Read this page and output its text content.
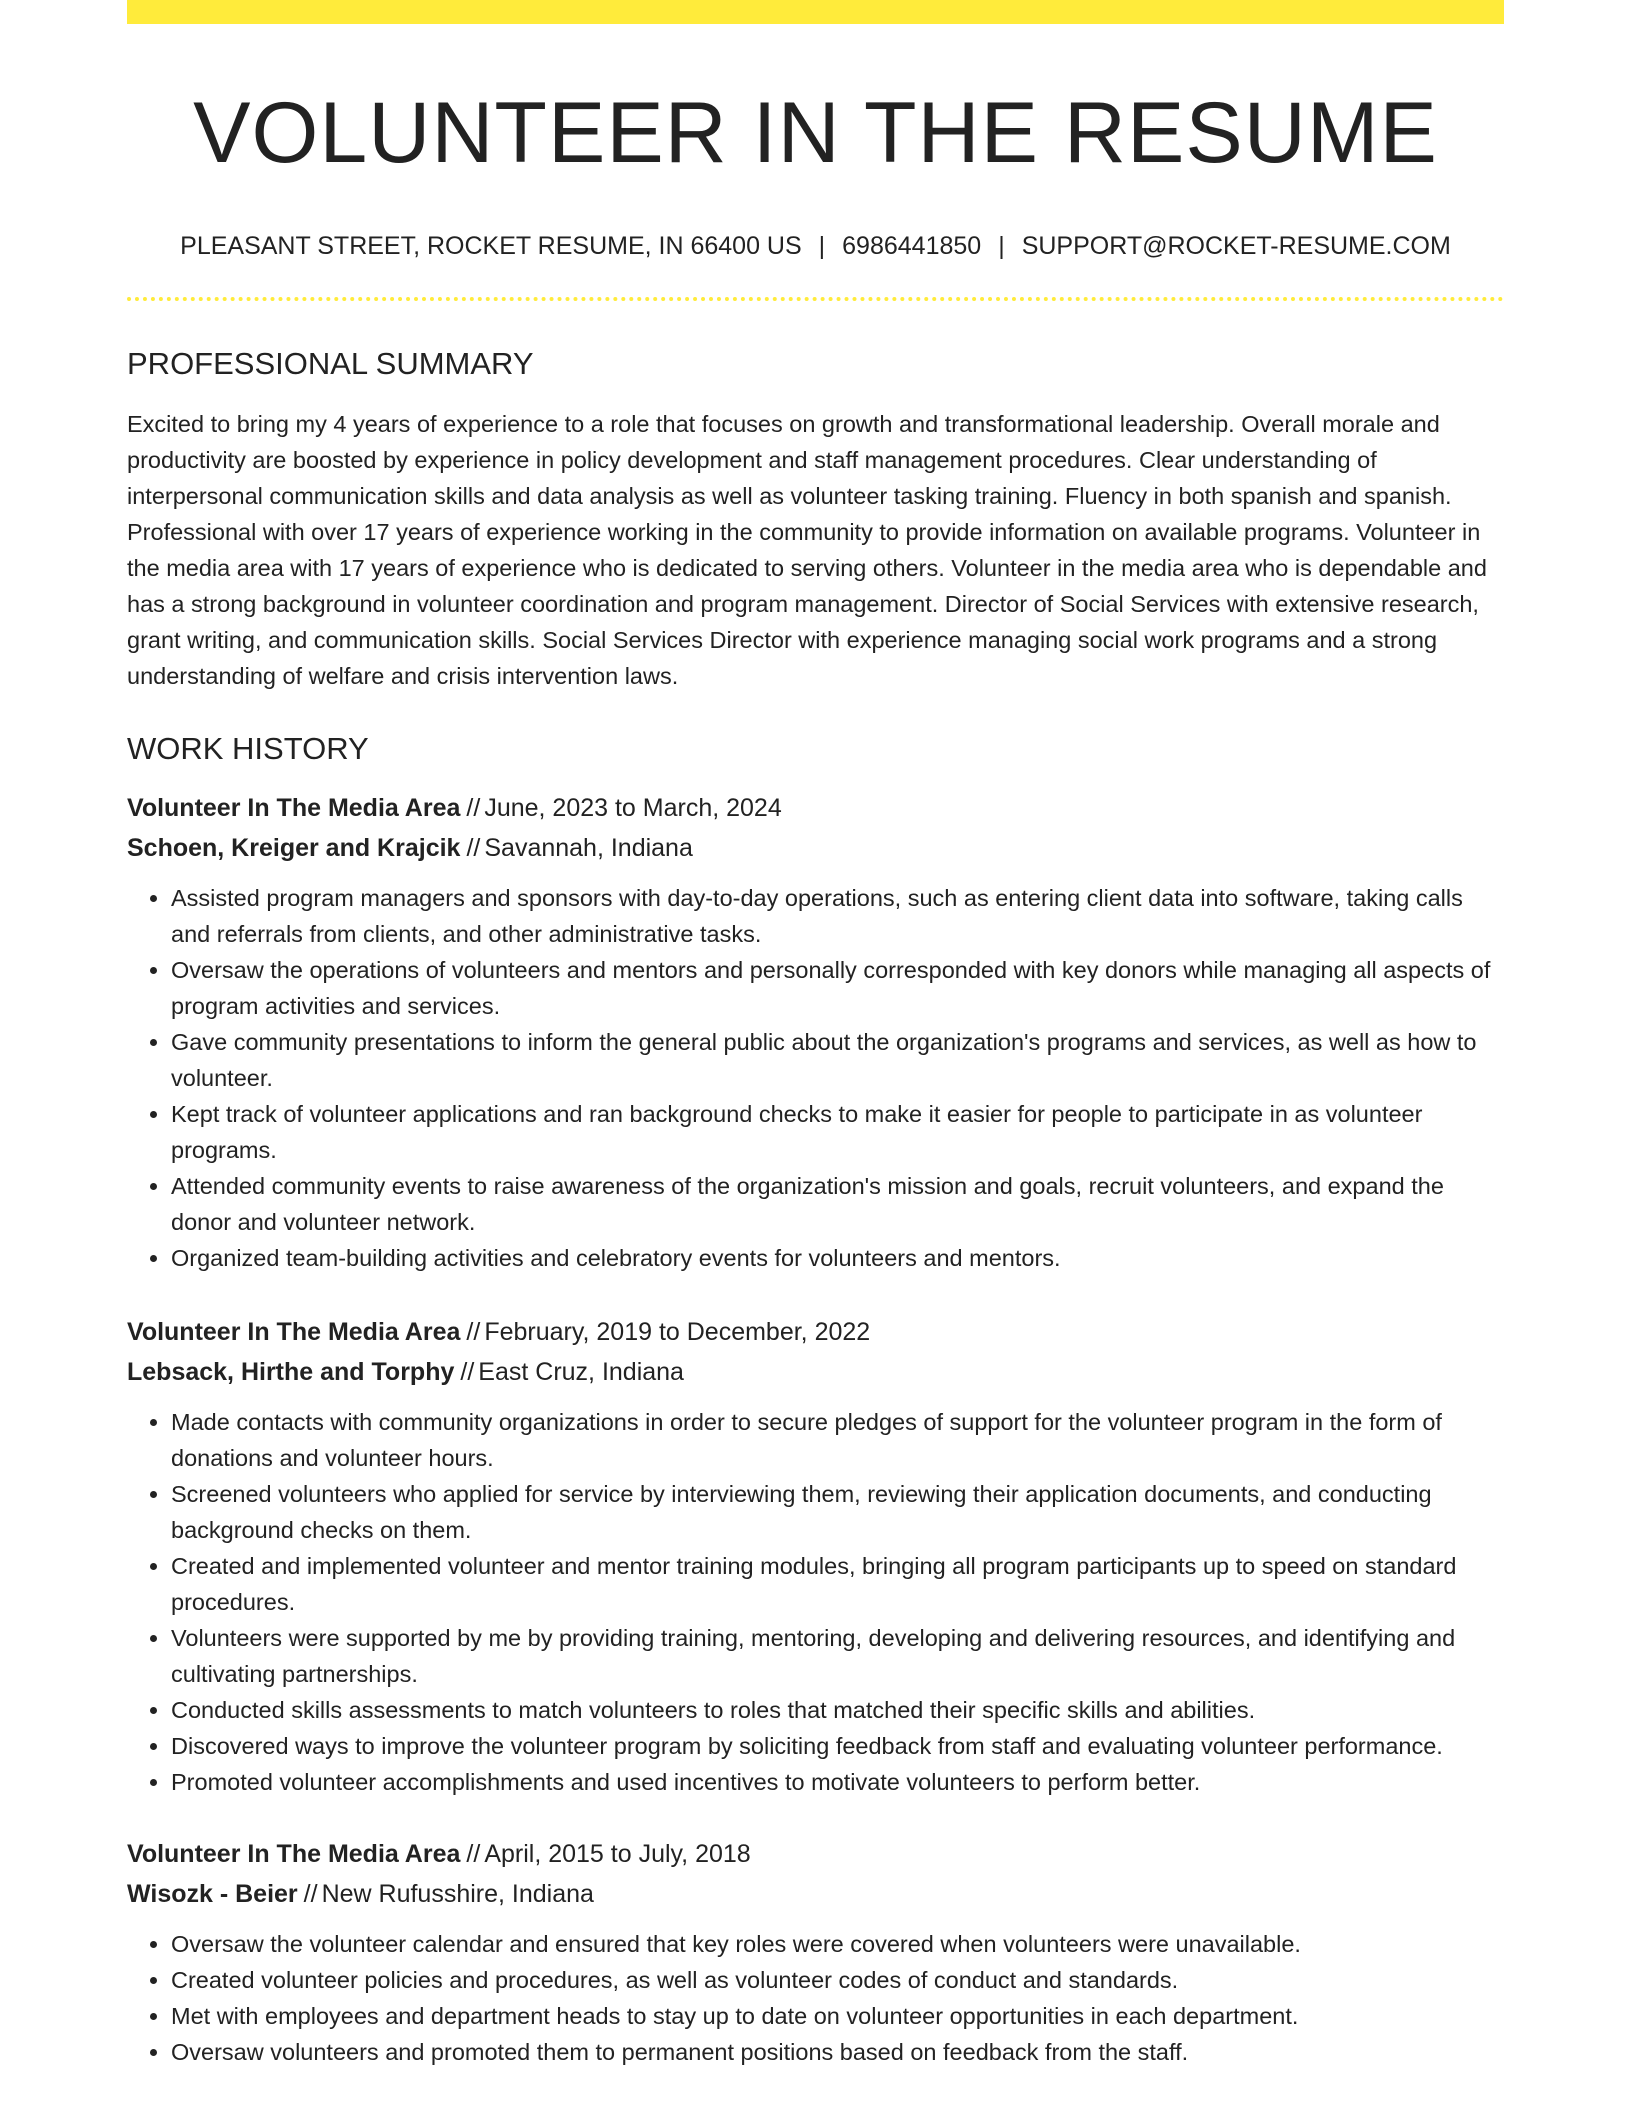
VOLUNTEER IN THE RESUME
PLEASANT STREET, ROCKET RESUME, IN 66400 US | 6986441850 | SUPPORT@ROCKET-RESUME.COM
PROFESSIONAL SUMMARY
Excited to bring my 4 years of experience to a role that focuses on growth and transformational leadership. Overall morale and productivity are boosted by experience in policy development and staff management procedures. Clear understanding of interpersonal communication skills and data analysis as well as volunteer tasking training. Fluency in both spanish and spanish. Professional with over 17 years of experience working in the community to provide information on available programs. Volunteer in the media area with 17 years of experience who is dedicated to serving others. Volunteer in the media area who is dependable and has a strong background in volunteer coordination and program management. Director of Social Services with extensive research, grant writing, and communication skills. Social Services Director with experience managing social work programs and a strong understanding of welfare and crisis intervention laws.
WORK HISTORY
Volunteer In The Media Area // June, 2023 to March, 2024
Schoen, Kreiger and Krajcik // Savannah, Indiana
• Assisted program managers and sponsors with day-to-day operations, such as entering client data into software, taking calls and referrals from clients, and other administrative tasks.
• Oversaw the operations of volunteers and mentors and personally corresponded with key donors while managing all aspects of program activities and services.
• Gave community presentations to inform the general public about the organization's programs and services, as well as how to volunteer.
• Kept track of volunteer applications and ran background checks to make it easier for people to participate in as volunteer programs.
• Attended community events to raise awareness of the organization's mission and goals, recruit volunteers, and expand the donor and volunteer network.
• Organized team-building activities and celebratory events for volunteers and mentors.
Volunteer In The Media Area // February, 2019 to December, 2022
Lebsack, Hirthe and Torphy // East Cruz, Indiana
• Made contacts with community organizations in order to secure pledges of support for the volunteer program in the form of donations and volunteer hours.
• Screened volunteers who applied for service by interviewing them, reviewing their application documents, and conducting background checks on them.
• Created and implemented volunteer and mentor training modules, bringing all program participants up to speed on standard procedures.
• Volunteers were supported by me by providing training, mentoring, developing and delivering resources, and identifying and cultivating partnerships.
• Conducted skills assessments to match volunteers to roles that matched their specific skills and abilities.
• Discovered ways to improve the volunteer program by soliciting feedback from staff and evaluating volunteer performance.
• Promoted volunteer accomplishments and used incentives to motivate volunteers to perform better.
Volunteer In The Media Area // April, 2015 to July, 2018
Wisozk - Beier // New Rufusshire, Indiana
• Oversaw the volunteer calendar and ensured that key roles were covered when volunteers were unavailable.
• Created volunteer policies and procedures, as well as volunteer codes of conduct and standards.
• Met with employees and department heads to stay up to date on volunteer opportunities in each department.
• Oversaw volunteers and promoted them to permanent positions based on feedback from the staff.
